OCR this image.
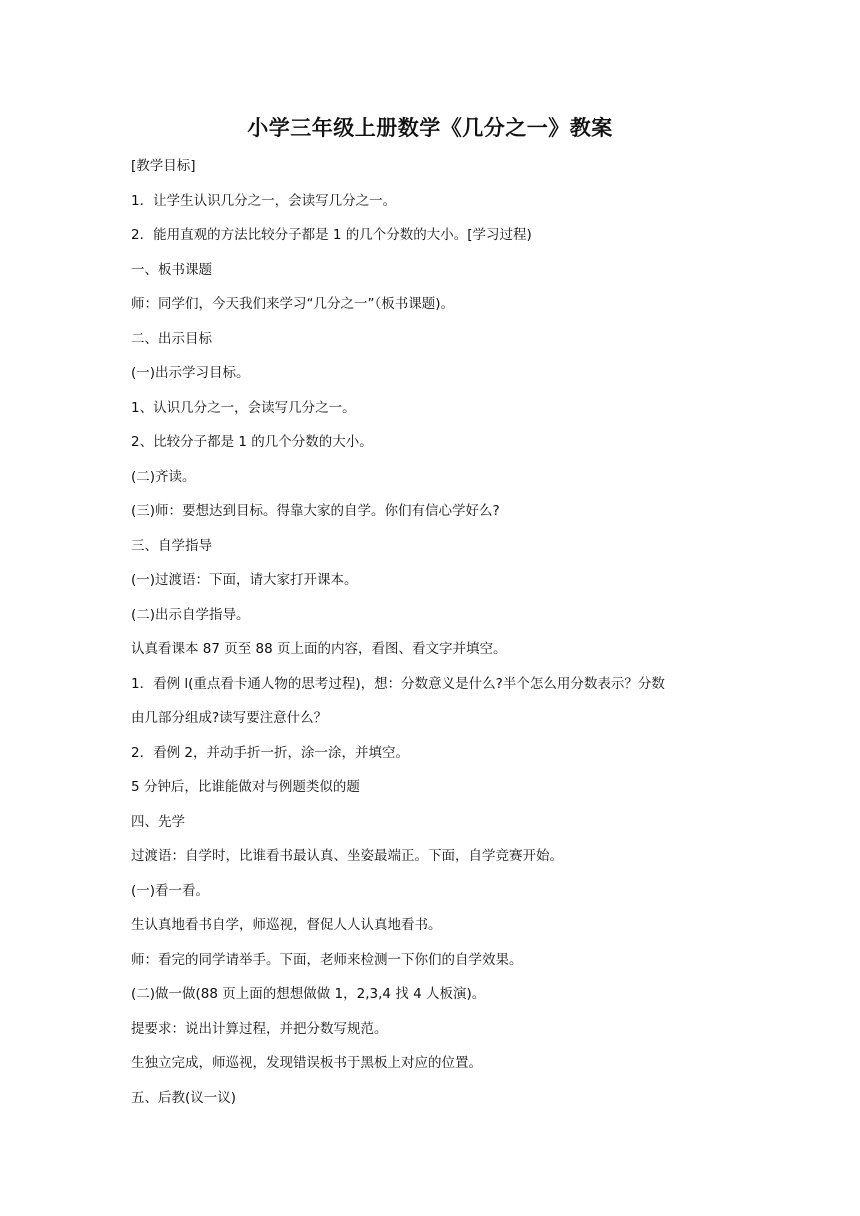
小学三年级上册数学《几分之一》教案

[教学目标]

1．让学生认识几分之一，会读写几分之一。

2．能用直观的方法比较分子都是 1 的几个分数的大小。[学习过程)

一、板书课题

师：同学们，今天我们来学习“几分之一”（板书课题)。

二、出示目标

(一)出示学习目标。

1、认识几分之一，会读写几分之一。

2、比较分子都是 1 的几个分数的大小。

(二)齐读。

(三)师：要想达到目标。得靠大家的自学。你们有信心学好么?

三、自学指导

(一)过渡语：下面，请大家打开课本。

(二)出示自学指导。

认真看课本 87 页至 88 页上面的内容，看图、看文字并填空。

1．看例 l(重点看卡通人物的思考过程)，想：分数意义是什么?半个怎么用分数表示？分数

由几部分组成?读写要注意什么？

2．看例 2，并动手折一折，涂一涂，并填空。

5 分钟后，比谁能做对与例题类似的题

四、先学

过渡语：自学时，比谁看书最认真、坐姿最端正。下面，自学竞赛开始。

(一)看一看。

生认真地看书自学，师巡视，督促人人认真地看书。

师：看完的同学请举手。下面，老师来检测一下你们的自学效果。

(二)做一做(88 页上面的想想做做 1，2,3,4 找 4 人板演)。

提要求：说出计算过程，并把分数写规范。

生独立完成，师巡视，发现错误板书于黑板上对应的位置。

五、后教(议一议)
